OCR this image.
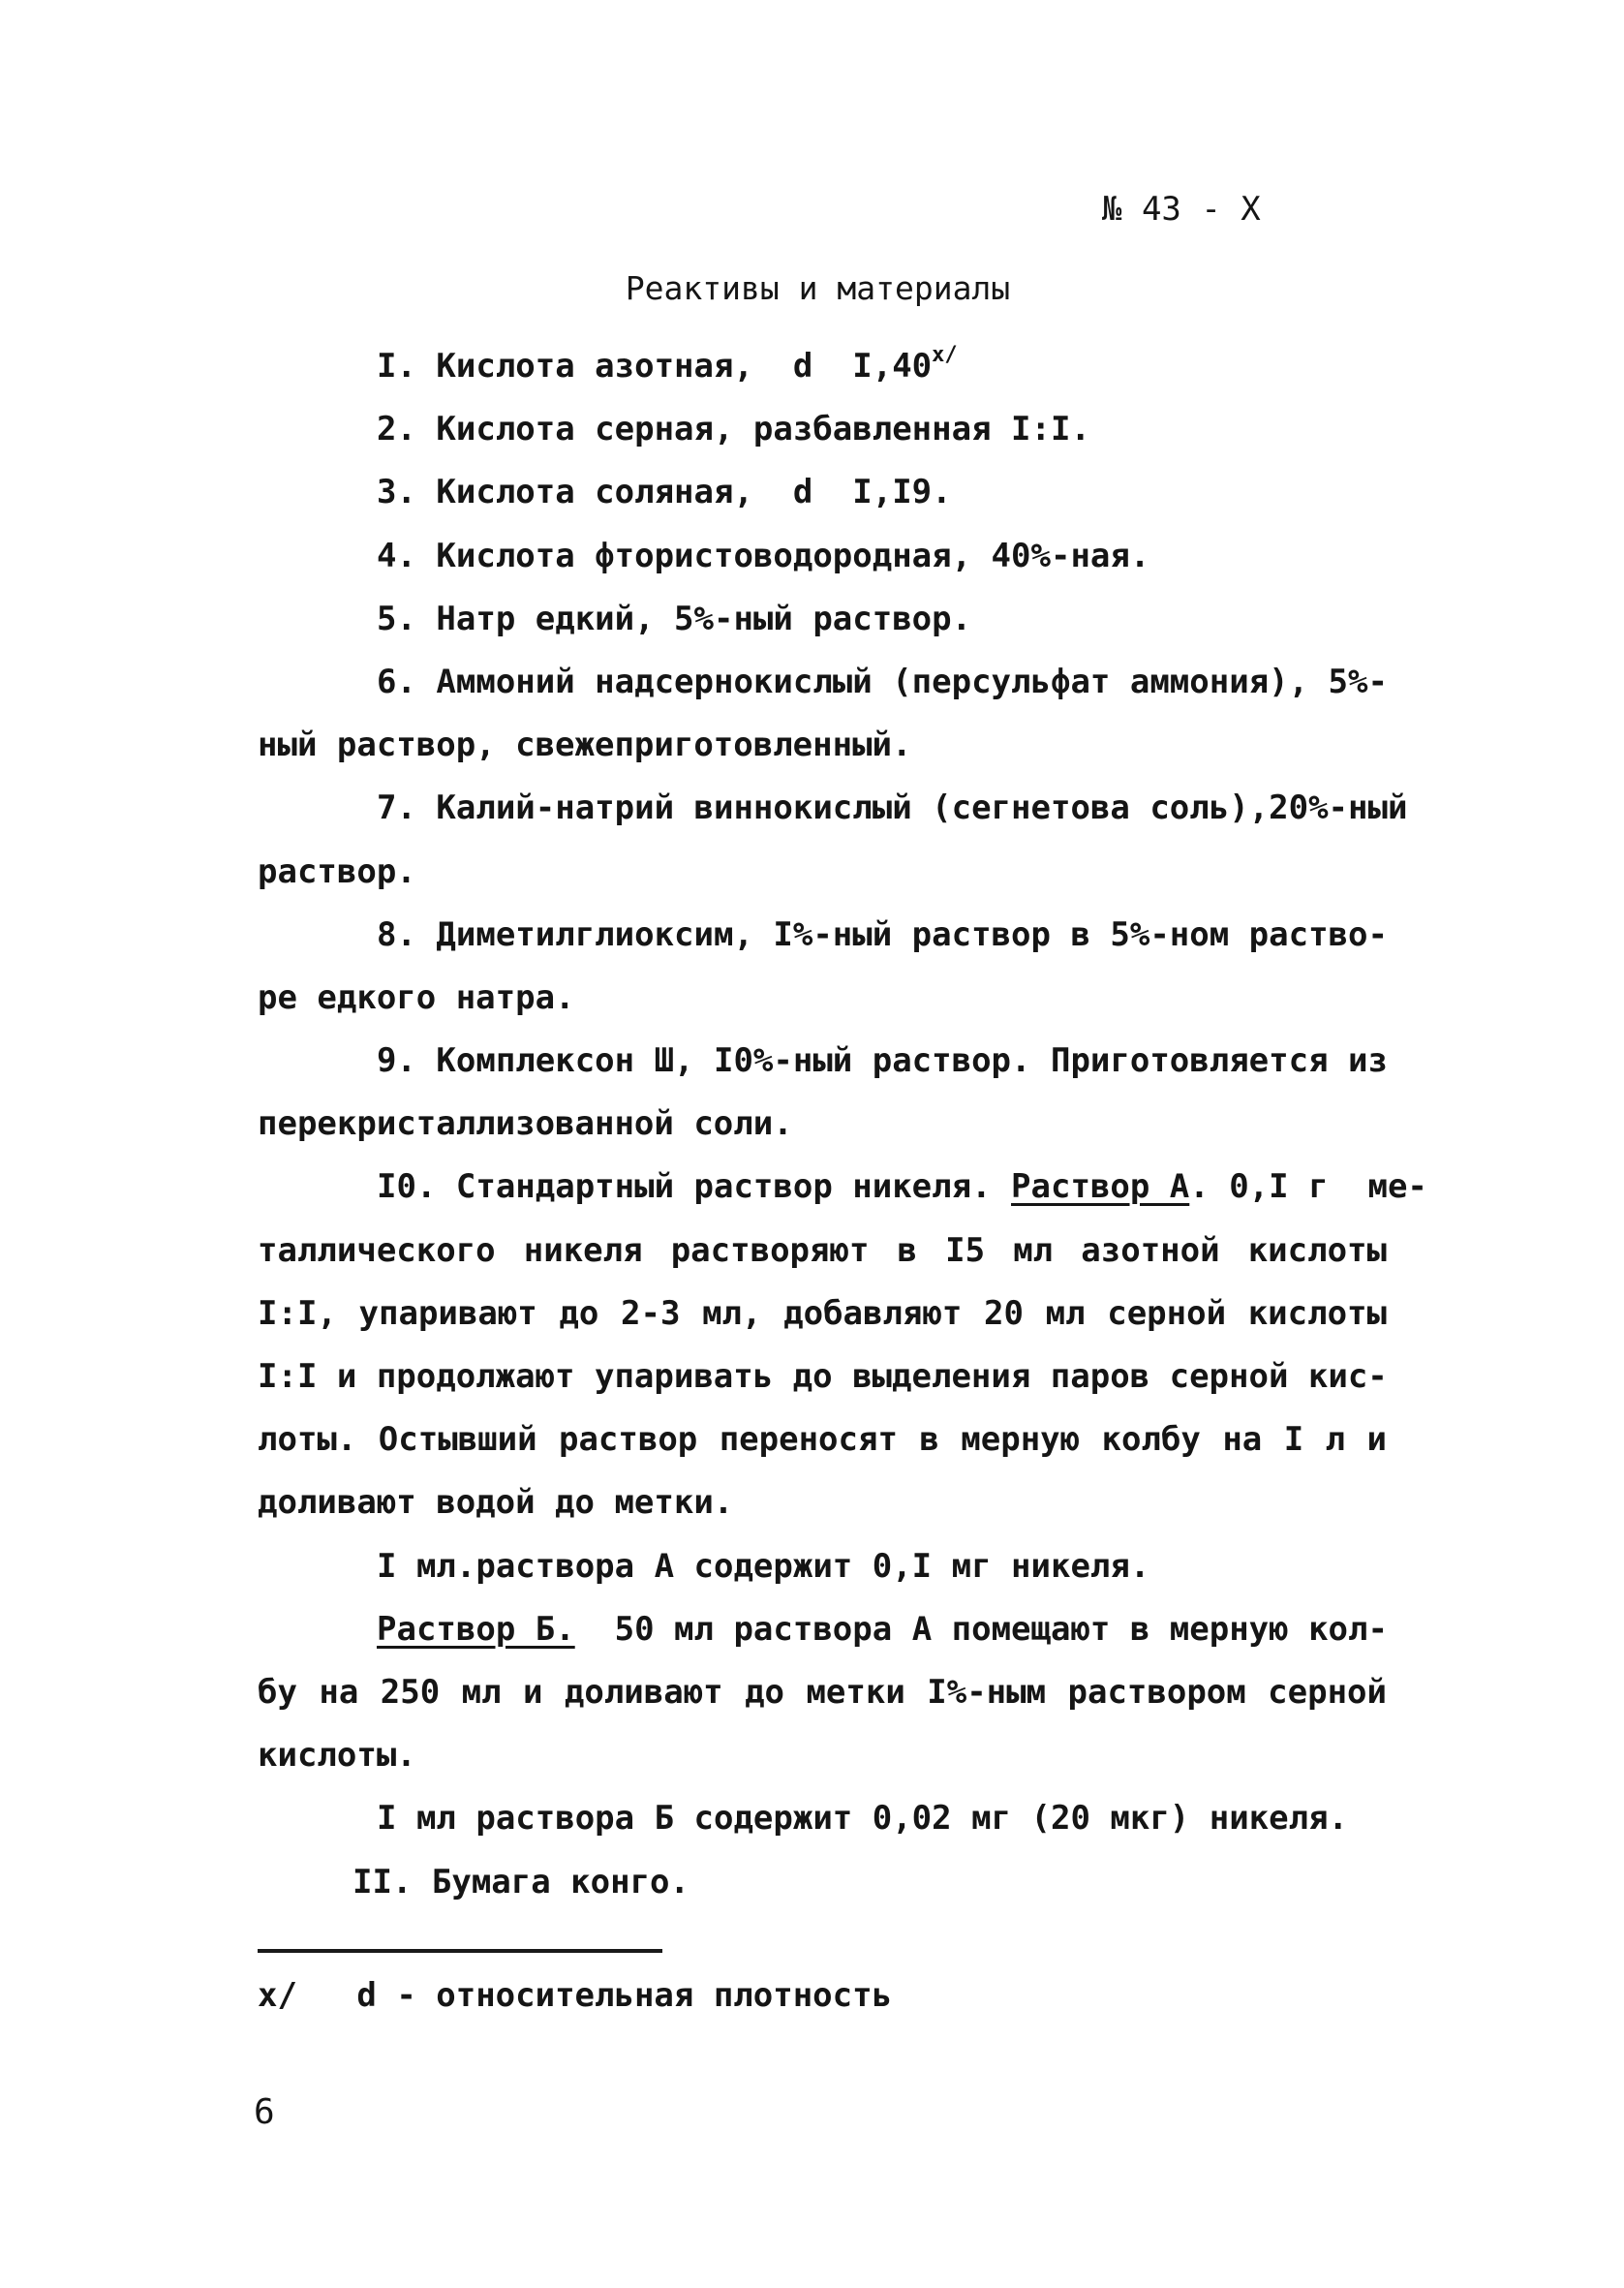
№ 43 - X
Реактивы и материалы
I. Кислота азотная,  d  $I,40^{x/}$
2. Кислота серная, разбавленная I:I.
3. Кислота соляная,  d  I,I9.
4. Кислота фтористоводородная, 40%-ная.
5. Натр едкий, 5%-ный раствор.
6. Аммоний надсернокислый (персульфат аммония), 5%-
ный раствор, свежеприготовленный.
7. Калий-натрий виннокислый (сегнетова соль),20%-ный
раствор.
8. Диметилглиоксим, I%-ный раствор в 5%-ном раство-
ре едкого натра.
9. Комплексон Ш, I0%-ный раствор. Приготовляется из
перекристаллизованной соли.
I0. Стандартный раствор никеля. Раствор А. 0,I г  ме-
таллического никеля растворяют в I5 мл азотной кислоты
I:I, упаривают до 2-3 мл, добавляют 20 мл серной кислоты
I:I и продолжают упаривать до выделения паров серной кис-
лоты. Остывший раствор переносят в мерную колбу на I л и
доливают водой до метки.
I мл.раствора А содержит 0,I мг никеля.
Раствор Б.  50 мл раствора А помещают в мерную кол-
бу на 250 мл и доливают до метки I%-ным раствором серной
кислоты.
I мл раствора Б содержит 0,02 мг (20 мкг) никеля.
II. Бумага конго.
x/ d - относительная плотность
6
